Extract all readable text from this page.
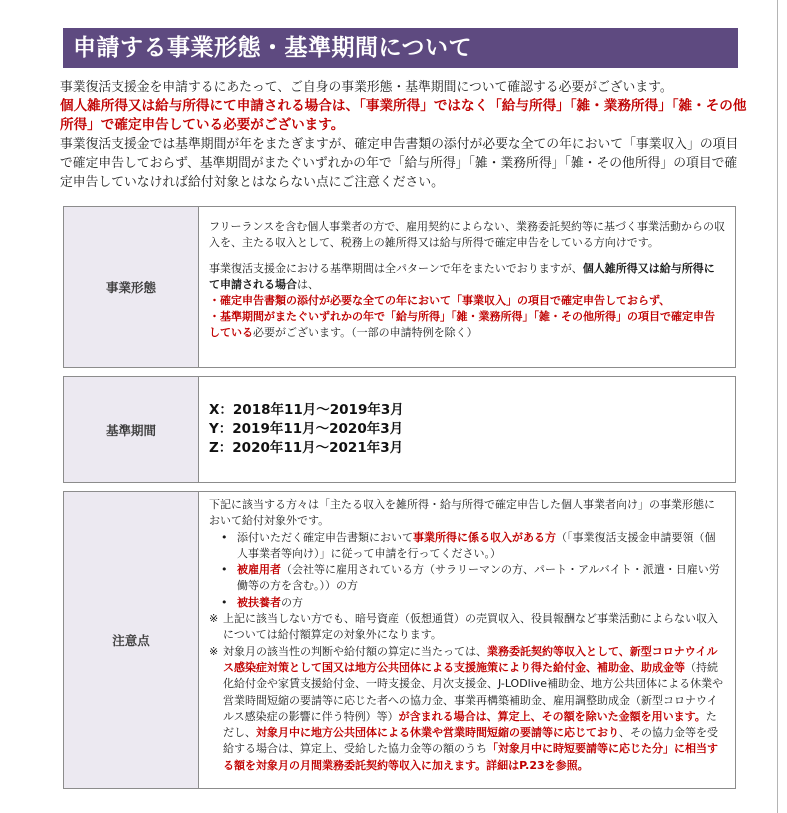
申請する事業形態・基準期間について

事業復活支援金を申請するにあたって、ご自身の事業形態・基準期間について確認する必要がございます。

個人雑所得又は給与所得にて申請される場合は、「事業所得」ではなく「給与所得」「雑・業務所得」「雑・その他所得」で確定申告している必要がございます。

事業復活支援金では基準期間が年をまたぎますが、確定申告書類の添付が必要な全ての年において「事業収入」の項目で確定申告しておらず、基準期間がまたぐいずれかの年で「給与所得」「雑・業務所得」「雑・その他所得」の項目で確定申告していなければ給付対象とはならない点にご注意ください。

事業形態

フリーランスを含む個人事業者の方で、雇用契約によらない、業務委託契約等に基づく事業活動からの収入を、主たる収入として、税務上の雑所得又は給与所得で確定申告をしている方向けです。

事業復活支援金における基準期間は全パターンで年をまたいでおりますが、個人雑所得又は給与所得にて申請される場合は、

・確定申告書類の添付が必要な全ての年において「事業収入」の項目で確定申告しておらず、

・基準期間がまたぐいずれかの年で「給与所得」「雑・業務所得」「雑・その他所得」の項目で確定申告している必要がございます。（一部の申請特例を除く）

基準期間
X：2018年11月～2019年3月
Y：2019年11月～2020年3月
Z：2020年11月～2021年3月
注意点

下記に該当する方々は「主たる収入を雑所得・給与所得で確定申告した個人事業者向け」の事業形態において給付対象外です。

• 添付いただく確定申告書類において事業所得に係る収入がある方（「事業復活支援金申請要領（個人事業者等向け）」に従って申請を行ってください。）
• 被雇用者（会社等に雇用されている方（サラリーマンの方、パート・アルバイト・派遣・日雇い労働等の方を含む。））の方
• 被扶養者の方
※ 上記に該当しない方でも、暗号資産（仮想通貨）の売買収入、役員報酬など事業活動によらない収入については給付額算定の対象外になります。
※ 対象月の該当性の判断や給付額の算定に当たっては、業務委託契約等収入として、新型コロナウイルス感染症対策として国又は地方公共団体による支援施策により得た給付金、補助金、助成金等（持続化給付金や家賃支援給付金、一時支援金、月次支援金、J-LODlive補助金、地方公共団体による休業や営業時間短縮の要請等に応じた者への協力金、事業再構築補助金、雇用調整助成金（新型コロナウイルス感染症の影響に伴う特例）等）が含まれる場合は、算定上、その額を除いた金額を用います。ただし、対象月中に地方公共団体による休業や営業時間短縮の要請等に応じており、その協力金等を受給する場合は、算定上、受給した協力金等の額のうち「対象月中に時短要請等に応じた分」に相当する額を対象月の月間業務委託契約等収入に加えます。詳細はP.23を参照。
